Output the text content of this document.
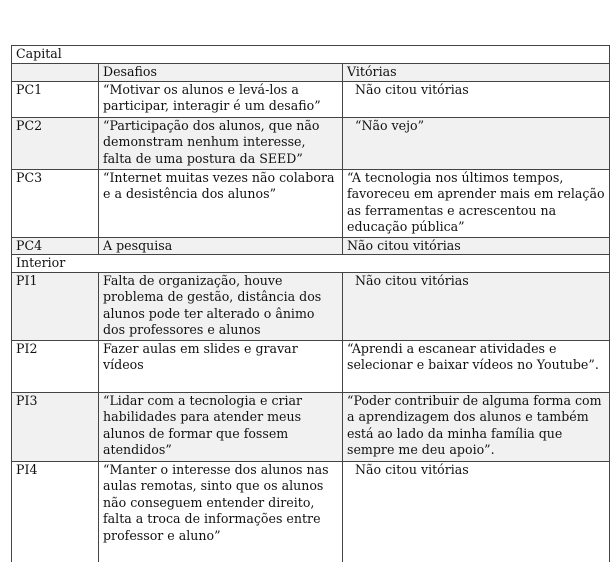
Capital		
	Desafios	Vitórias
PC1	“Motivar os alunos e levá-los a participar, interagir é um desafio”	Não citou vitórias
PC2	“Participação dos alunos, que não demonstram nenhum interesse, falta de uma postura da SEED”	“Não vejo”
PC3	“Internet muitas vezes não colabora e a desistência dos alunos”	“A tecnologia nos últimos tempos, favoreceu em aprender mais em relação as ferramentas e acrescentou na educação pública”
PC4	A pesquisa	Não citou vitórias
Interior		
PI1	Falta de organização, houve problema de gestão, distância dos alunos pode ter alterado o ânimo dos professores e alunos	Não citou vitórias
PI2	Fazer aulas em slides e gravar vídeos	“Aprendi a escanear atividades e selecionar e baixar vídeos no Youtube”.
PI3	“Lidar com a tecnologia e criar habilidades para atender meus alunos de formar que fossem atendidos”	“Poder contribuir de alguma forma com a aprendizagem dos alunos e também está ao lado da minha família que sempre me deu apoio”.
PI4	“Manter o interesse dos alunos nas aulas remotas, sinto que os alunos não conseguem entender direito, falta a troca de informações entre professor e aluno”	Não citou vitórias
